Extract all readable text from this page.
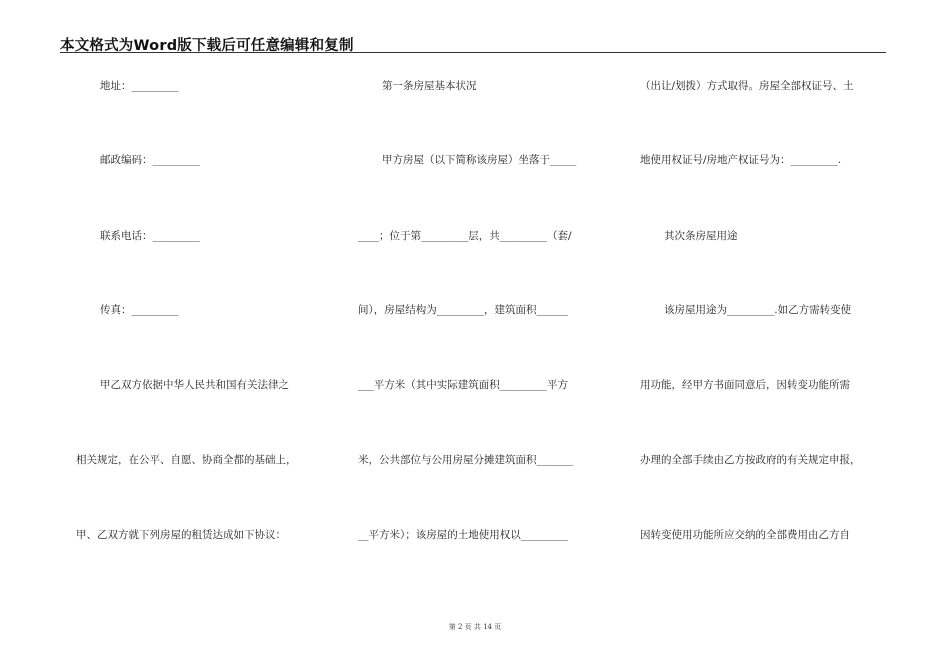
本文格式为Word版下载后可任意编辑和复制
地址：_________
邮政编码：_________
联系电话：_________
传真：_________
甲乙双方依据中华人民共和国有关法律之
相关规定，在公平、自愿、协商全都的基础上，
甲、乙双方就下列房屋的租赁达成如下协议：
第一条房屋基本状况
甲方房屋（以下简称该房屋）坐落于_____
____；位于第_________层，共_________（套/
间），房屋结构为_________，建筑面积______
___平方米（其中实际建筑面积_________平方
米，公共部位与公用房屋分摊建筑面积_______
__平方米）；该房屋的土地使用权以_________
（出让/划拨）方式取得。房屋全部权证号、土
地使用权证号/房地产权证号为：_________.
其次条房屋用途
该房屋用途为_________.如乙方需转变使
用功能，经甲方书面同意后，因转变功能所需
办理的全部手续由乙方按政府的有关规定申报，
因转变使用功能所应交纳的全部费用由乙方自
第 2 页 共 14 页
